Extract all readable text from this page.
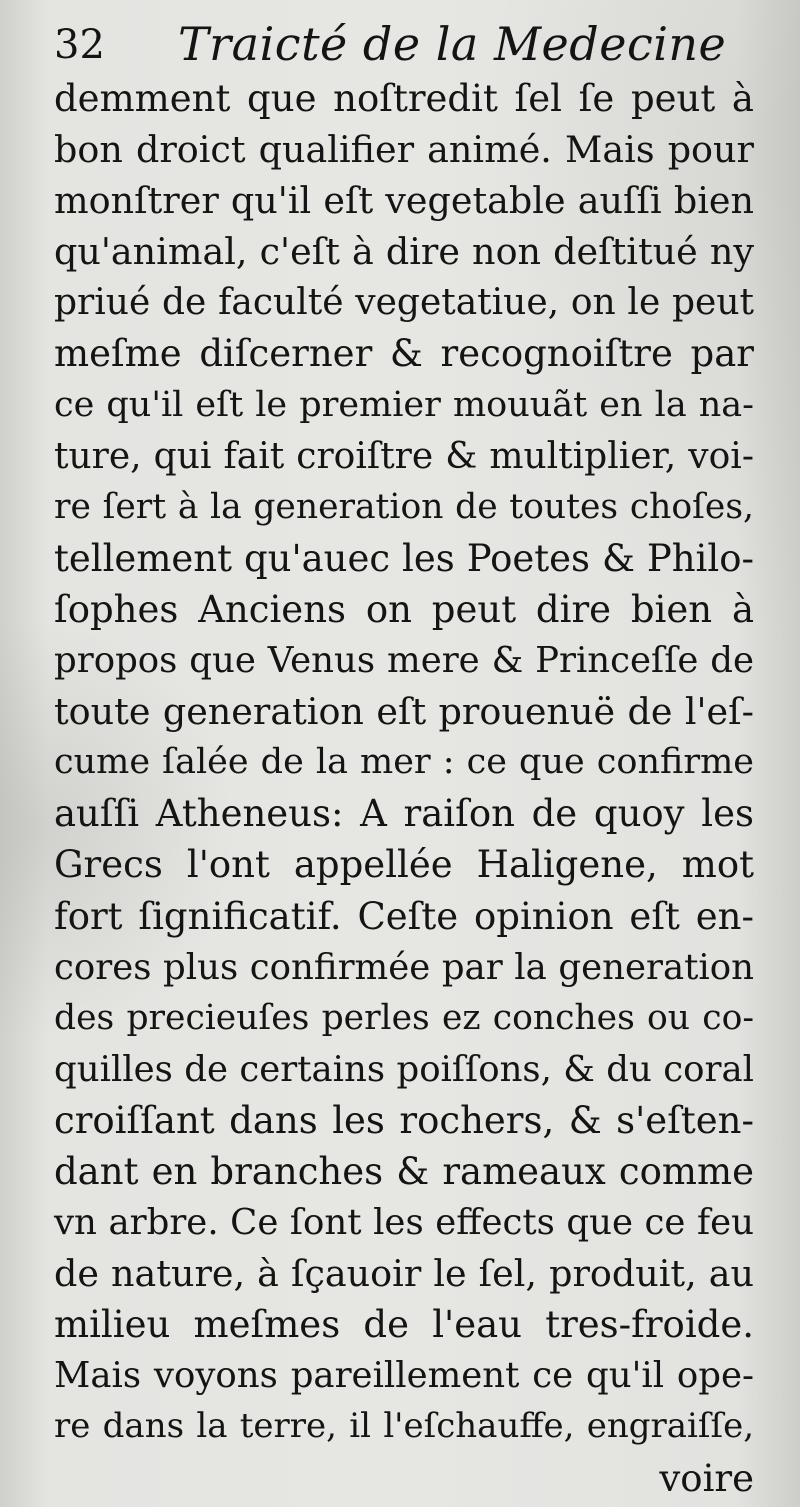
32 Traicté de la Medecine
demment que noſtredit ſel ſe peut à
bon droict qualifier animé. Mais pour
monſtrer qu'il eſt vegetable auſſi bien
qu'animal, c'eſt à dire non deſtitué ny
priué de faculté vegetatiue, on le peut
meſme diſcerner & recognoiſtre par
ce qu'il eſt le premier mouuãt en la na-
ture, qui fait croiſtre & multiplier, voi-
re ſert à la generation de toutes choſes,
tellement qu'auec les Poetes & Philo-
ſophes Anciens on peut dire bien à
propos que Venus mere & Princeſſe de
toute generation eſt prouenuë de l'eſ-
cume ſalée de la mer : ce que confirme
auſſi Atheneus: A raiſon de quoy les
Grecs l'ont appellée Haligene, mot
fort ſignificatif. Ceſte opinion eſt en-
cores plus confirmée par la generation
des precieuſes perles ez conches ou co-
quilles de certains poiſſons, & du coral
croiſſant dans les rochers, & s'eſten-
dant en branches & rameaux comme
vn arbre. Ce ſont les effects que ce feu
de nature, à ſçauoir le ſel, produit, au
milieu meſmes de l'eau tres-froide.
Mais voyons pareillement ce qu'il ope-
re dans la terre, il l'eſchauffe, engraiſſe,
voire
